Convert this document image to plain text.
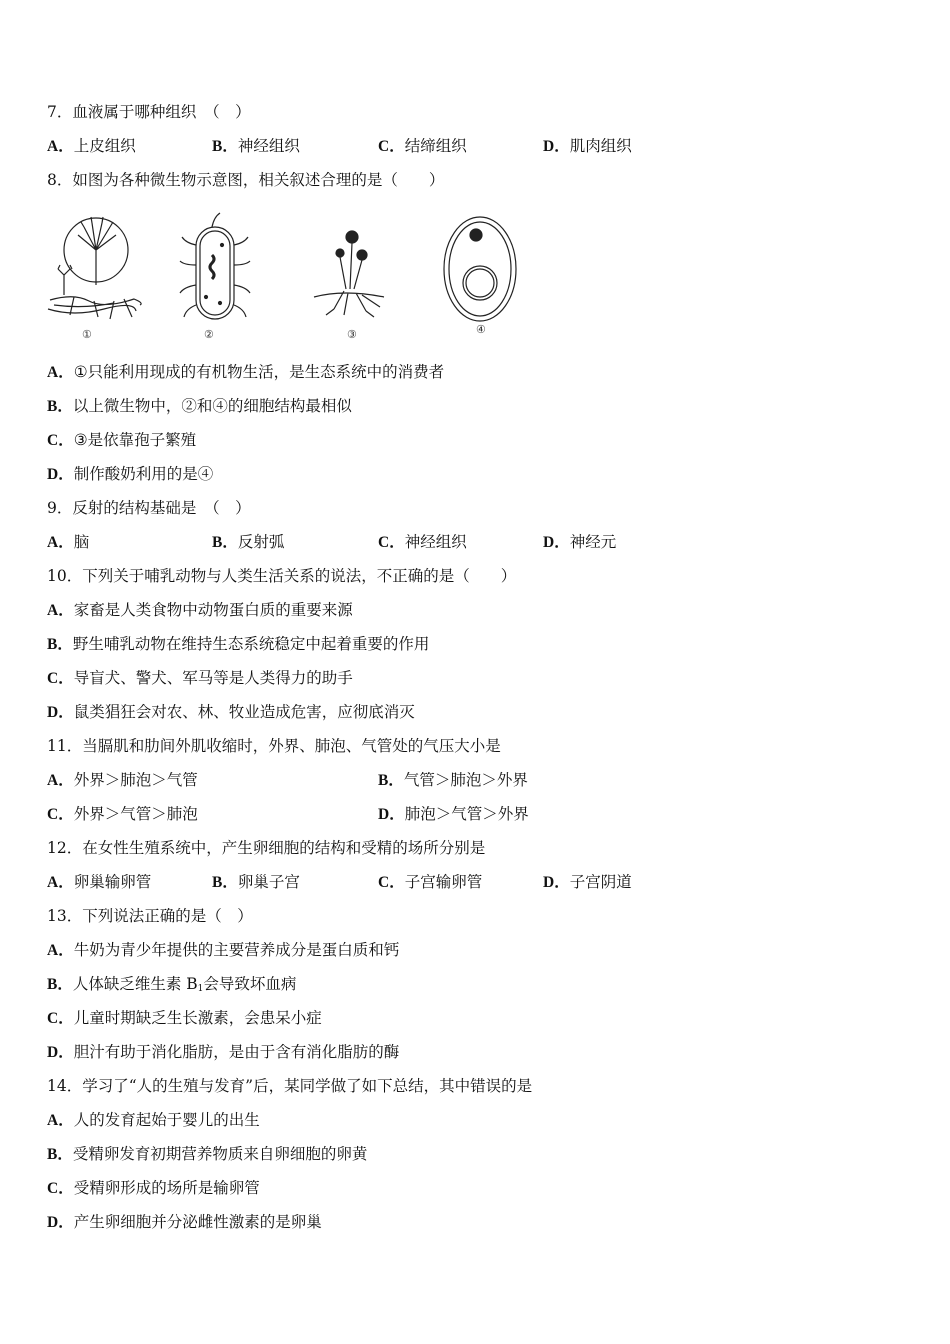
7．血液属于哪种组织　（　）
A．上皮组织	B．神经组织	C．结缔组织	D．肌肉组织
8．如图为各种微生物示意图，相关叙述合理的是（　　）
①	②	③	④
A．①只能利用现成的有机物生活，是生态系统中的消费者
B．以上微生物中，②和④的细胞结构最相似
C．③是依靠孢子繁殖
D．制作酸奶利用的是④
9．反射的结构基础是　（　）
A．脑	B．反射弧	C．神经组织	D．神经元
10．下列关于哺乳动物与人类生活关系的说法，不正确的是（　　）
A．家畜是人类食物中动物蛋白质的重要来源
B．野生哺乳动物在维持生态系统稳定中起着重要的作用
C．导盲犬、警犬、军马等是人类得力的助手
D．鼠类猖狂会对农、林、牧业造成危害，应彻底消灭
11．当膈肌和肋间外肌收缩时，外界、肺泡、气管处的气压大小是
A．外界＞肺泡＞气管	B．气管＞肺泡＞外界
C．外界＞气管＞肺泡	D．肺泡＞气管＞外界
12．在女性生殖系统中，产生卵细胞的结构和受精的场所分别是
A．卵巢输卵管	B．卵巢子宫	C．子宫输卵管	D．子宫阴道
13．下列说法正确的是（　）
A．牛奶为青少年提供的主要营养成分是蛋白质和钙
B．人体缺乏维生素 $B_1$会导致坏血病
C．儿童时期缺乏生长激素，会患呆小症
D．胆汁有助于消化脂肪，是由于含有消化脂肪的酶
14．学习了“人的生殖与发育”后，某同学做了如下总结，其中错误的是
A．人的发育起始于婴儿的出生
B．受精卵发育初期营养物质来自卵细胞的卵黄
C．受精卵形成的场所是输卵管
D．产生卵细胞并分泌雌性激素的是卵巢
